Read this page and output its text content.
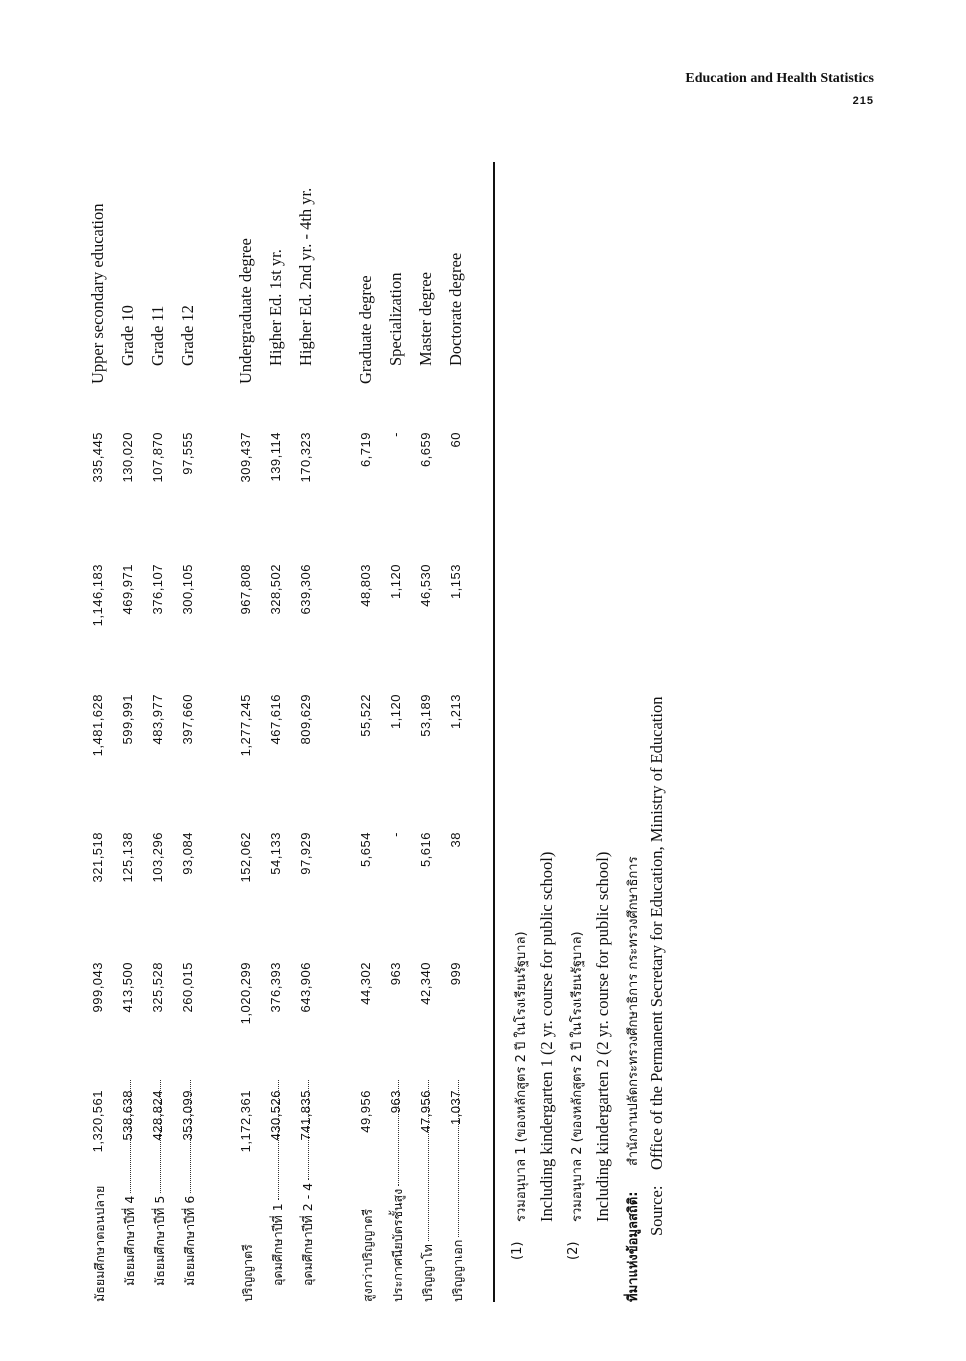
Education and Health Statistics
215
มัธยมศึกษาตอนปลาย
1,320,561
999,043
321,518
1,481,628
1,146,183
335,445
Upper secondary education
มัธยมศึกษาปีที่ 4
538,638
413,500
125,138
599,991
469,971
130,020
Grade 10
มัธยมศึกษาปีที่ 5
428,824
325,528
103,296
483,977
376,107
107,870
Grade 11
มัธยมศึกษาปีที่ 6
353,099
260,015
93,084
397,660
300,105
97,555
Grade 12
ปริญญาตรี
1,172,361
1,020,299
152,062
1,277,245
967,808
309,437
Undergraduate degree
อุดมศึกษาปีที่ 1
430,526
376,393
54,133
467,616
328,502
139,114
Higher Ed. 1st yr.
อุดมศึกษาปีที่ 2 - 4
741,835
643,906
97,929
809,629
639,306
170,323
Higher Ed. 2nd yr. - 4th yr.
สูงกว่าปริญญาตรี
49,956
44,302
5,654
55,522
48,803
6,719
Graduate degree
ประกาศนียบัตรชั้นสูง
963
963
-
1,120
1,120
-
Specialization
ปริญญาโท
47,956
42,340
5,616
53,189
46,530
6,659
Master degree
ปริญญาเอก
1,037
999
38
1,213
1,153
60
Doctorate degree
(1)
รวมอนุบาล 1 (ของหลักสูตร 2 ปี ในโรงเรียนรัฐบาล) Including kindergarten 1 (2 yr. course for public school)
(2)
รวมอนุบาล 2 (ของหลักสูตร 2 ปี ในโรงเรียนรัฐบาล) Including kindergarten 2 (2 yr. course for public school)
ที่มาแห่งข้อมูลสถิติ:
สำนักงานปลัดกระทรวงศึกษาธิการ กระทรวงศึกษาธิการ
Source:
Office of the Permanent Secretary for Education, Ministry of Education
